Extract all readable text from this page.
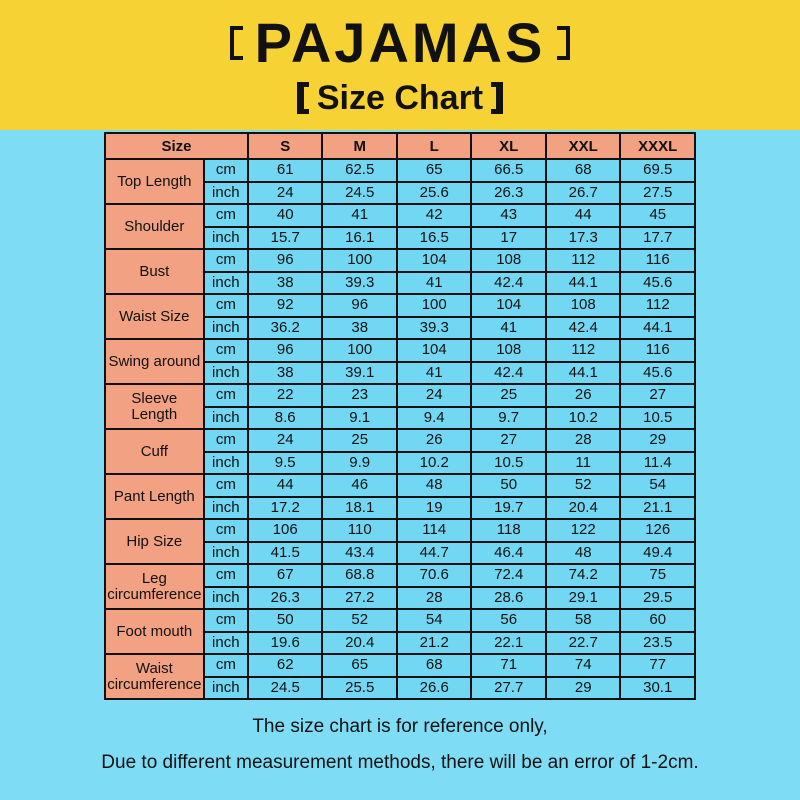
PAJAMAS
Size Chart
Size		S	M	L	XL	XXL	XXXL
Top Length	cm	61	62.5	65	66.5	68	69.5
	inch	24	24.5	25.6	26.3	26.7	27.5
Shoulder	cm	40	41	42	43	44	45
	inch	15.7	16.1	16.5	17	17.3	17.7
Bust	cm	96	100	104	108	112	116
	inch	38	39.3	41	42.4	44.1	45.6
Waist Size	cm	92	96	100	104	108	112
	inch	36.2	38	39.3	41	42.4	44.1
Swing around	cm	96	100	104	108	112	116
	inch	38	39.1	41	42.4	44.1	45.6
Sleeve Length	cm	22	23	24	25	26	27
	inch	8.6	9.1	9.4	9.7	10.2	10.5
Cuff	cm	24	25	26	27	28	29
	inch	9.5	9.9	10.2	10.5	11	11.4
Pant Length	cm	44	46	48	50	52	54
	inch	17.2	18.1	19	19.7	20.4	21.1
Hip Size	cm	106	110	114	118	122	126
	inch	41.5	43.4	44.7	46.4	48	49.4
Leg circumference	cm	67	68.8	70.6	72.4	74.2	75
	inch	26.3	27.2	28	28.6	29.1	29.5
Foot mouth	cm	50	52	54	56	58	60
	inch	19.6	20.4	21.2	22.1	22.7	23.5
Waist circumference	cm	62	65	68	71	74	77
	inch	24.5	25.5	26.6	27.7	29	30.1

The size chart is for reference only,

Due to different measurement methods, there will be an error of 1-2cm.
